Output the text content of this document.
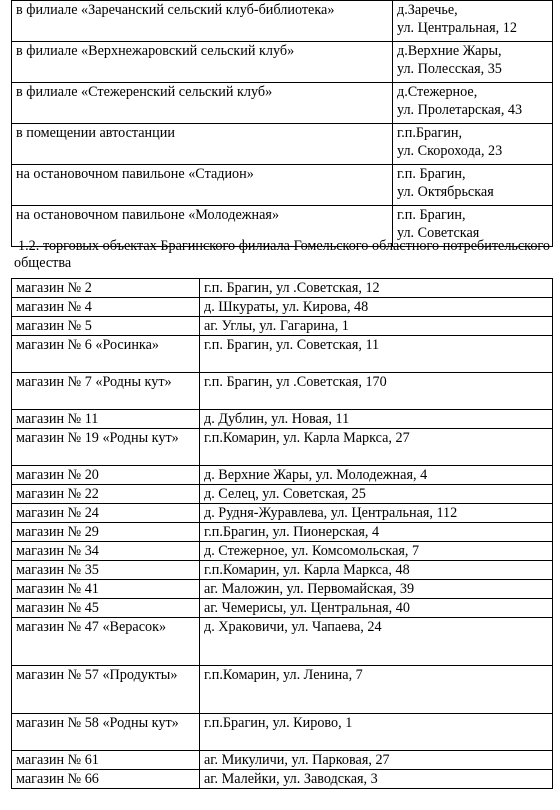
в филиале «Заречанский сельский клуб-библиотека»	д.Заречье,
ул. Центральная, 12
в филиале «Верхнежаровский сельский клуб»	д.Верхние Жары,
ул. Полесская, 35
в филиале «Стежеренский сельский клуб»	д.Стежерное,
ул. Пролетарская, 43
в помещении автостанции	г.п.Брагин,
ул. Скорохода, 23
на остановочном павильоне «Стадион»	г.п. Брагин,
ул. Октябрьская
на остановочном павильоне «Молодежная»	г.п. Брагин,
ул. Советская
1.2. торговых объектах Брагинского филиала Гомельского областного потребительского общества
магазин № 2	г.п. Брагин, ул .Советская, 12
магазин № 4	д. Шкураты, ул. Кирова, 48
магазин № 5	аг. Углы, ул. Гагарина, 1
магазин № 6 «Росинка»	г.п. Брагин, ул. Советская, 11
магазин № 7 «Родны кут»	г.п. Брагин, ул .Советская, 170
магазин № 11	д. Дублин, ул. Новая, 11
магазин № 19 «Родны кут»	г.п.Комарин, ул. Карла Маркса, 27
магазин № 20	д. Верхние Жары, ул. Молодежная, 4
магазин № 22	д. Селец, ул. Советская, 25
магазин № 24	д. Рудня-Журавлева, ул. Центральная, 112
магазин № 29	г.п.Брагин, ул. Пионерская, 4
магазин № 34	д. Стежерное, ул. Комсомольская, 7
магазин № 35	г.п.Комарин, ул. Карла Маркса, 48
магазин № 41	аг. Маложин, ул. Первомайская, 39
магазин № 45	аг. Чемерисы, ул. Центральная, 40
магазин № 47 «Верасок»	д. Храковичи, ул. Чапаева, 24
магазин № 57 «Продукты»	г.п.Комарин, ул. Ленина, 7
магазин № 58 «Родны кут»	г.п.Брагин, ул. Кирово, 1
магазин № 61	аг. Микуличи, ул. Парковая, 27
магазин № 66	аг. Малейки, ул. Заводская, 3
